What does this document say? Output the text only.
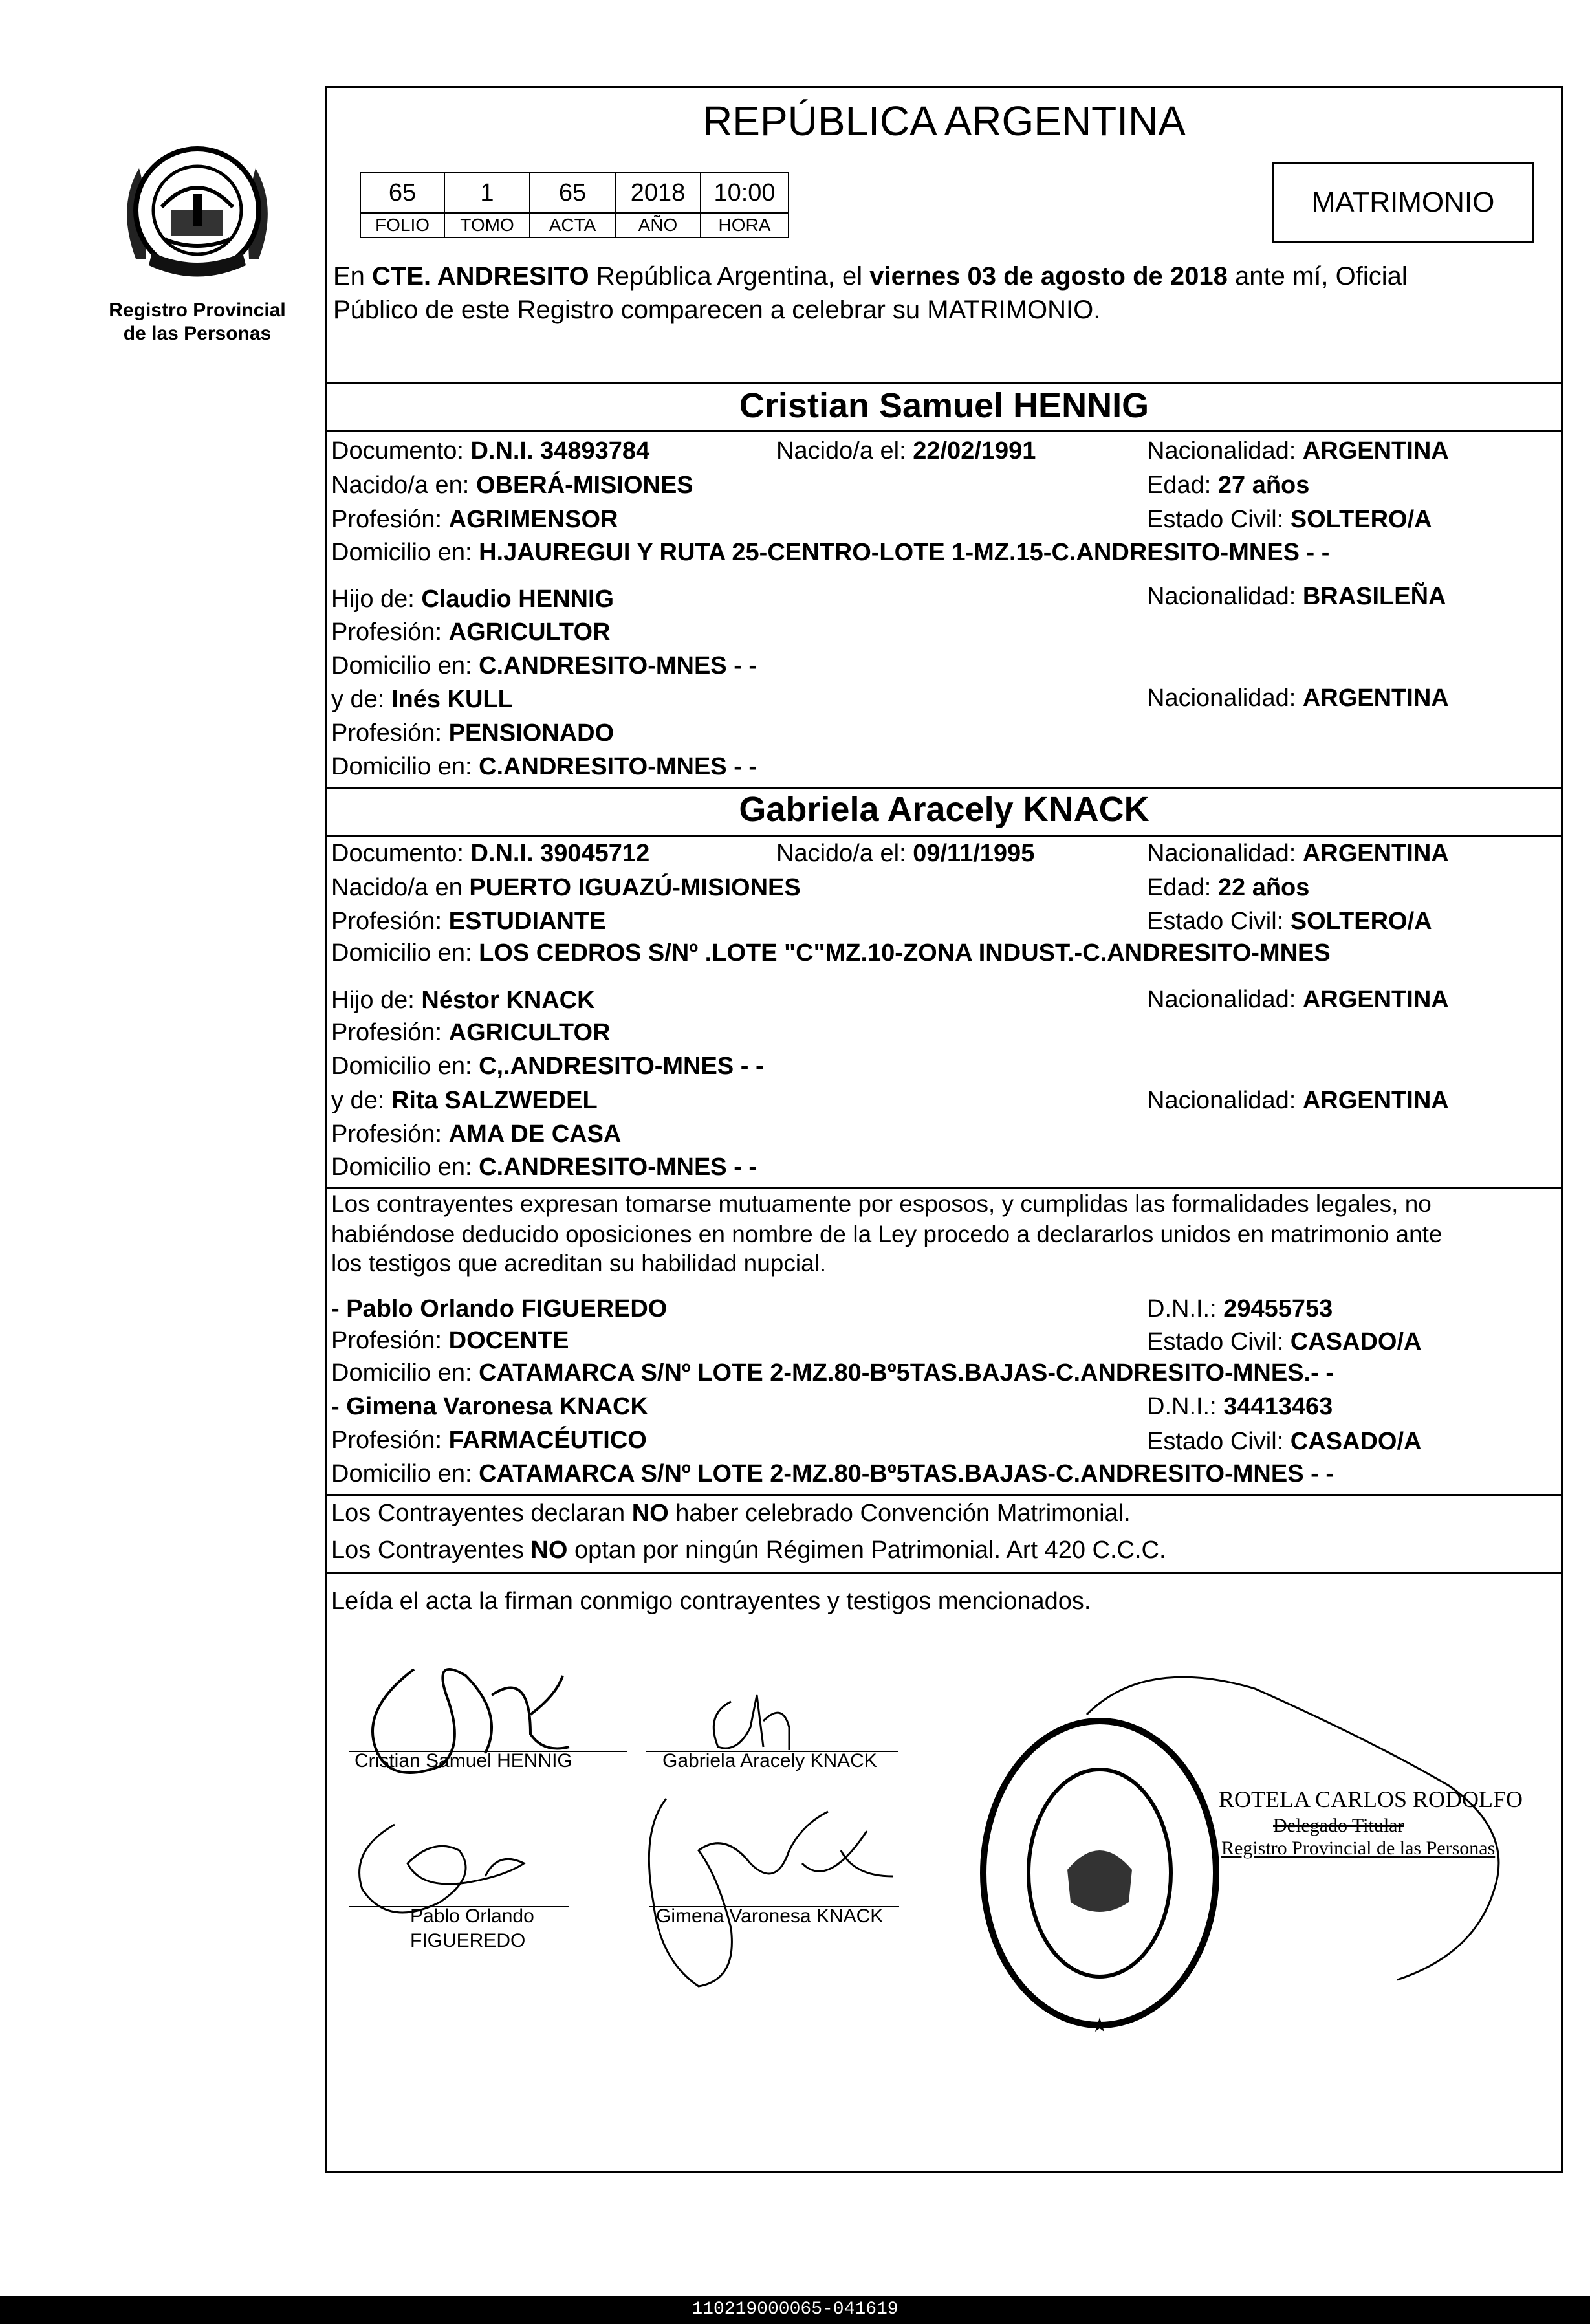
Registro Provincial
de las Personas
REPÚBLICA ARGENTINA
65	1	65	2018	10:00
FOLIO	TOMO	ACTA	AÑO	HORA
MATRIMONIO
En CTE. ANDRESITO República Argentina, el viernes 03 de agosto de 2018 ante mí, Oficial
Público de este Registro comparecen a celebrar su MATRIMONIO.
Cristian Samuel HENNIG
Documento: D.N.I. 34893784	Nacido/a el: 22/02/1991	Nacionalidad: ARGENTINA
Nacido/a en: OBERÁ-MISIONES	Edad: 27 años
Profesión: AGRIMENSOR	Estado Civil: SOLTERO/A
Domicilio en: H.JAUREGUI Y RUTA 25-CENTRO-LOTE 1-MZ.15-C.ANDRESITO-MNES - -
Hijo de: Claudio HENNIG	Nacionalidad: BRASILEÑA
Profesión: AGRICULTOR
Domicilio en: C.ANDRESITO-MNES - -
y de: Inés KULL	Nacionalidad: ARGENTINA
Profesión: PENSIONADO
Domicilio en: C.ANDRESITO-MNES - -
Gabriela Aracely KNACK
Documento: D.N.I. 39045712	Nacido/a el: 09/11/1995	Nacionalidad: ARGENTINA
Nacido/a en PUERTO IGUAZÚ-MISIONES	Edad: 22 años
Profesión: ESTUDIANTE	Estado Civil: SOLTERO/A
Domicilio en: LOS CEDROS S/Nº .LOTE "C"MZ.10-ZONA INDUST.-C.ANDRESITO-MNES
Hijo de: Néstor KNACK	Nacionalidad: ARGENTINA
Profesión: AGRICULTOR
Domicilio en: C,.ANDRESITO-MNES - -
y de: Rita SALZWEDEL	Nacionalidad: ARGENTINA
Profesión: AMA DE CASA
Domicilio en: C.ANDRESITO-MNES - -
Los contrayentes expresan tomarse mutuamente por esposos, y cumplidas las formalidades legales, no
habiéndose deducido oposiciones en nombre de la Ley procedo a declararlos unidos en matrimonio ante
los testigos que acreditan su habilidad nupcial.
- Pablo Orlando FIGUEREDO	D.N.I.: 29455753
Profesión: DOCENTE	Estado Civil: CASADO/A
Domicilio en: CATAMARCA S/Nº LOTE 2-MZ.80-Bº5TAS.BAJAS-C.ANDRESITO-MNES.- -
- Gimena Varonesa KNACK	D.N.I.: 34413463
Profesión: FARMACÉUTICO	Estado Civil: CASADO/A
Domicilio en: CATAMARCA S/Nº LOTE 2-MZ.80-Bº5TAS.BAJAS-C.ANDRESITO-MNES - -
Los Contrayentes declaran NO haber celebrado Convención Matrimonial.
Los Contrayentes NO optan por ningún Régimen Patrimonial. Art 420 C.C.C.
Leída el acta la firman conmigo contrayentes y testigos mencionados.
Cristian Samuel HENNIG	Gabriela Aracely KNACK
Pablo Orlando
FIGUEREDO
Gimena Varonesa KNACK
★
ROTELA CARLOS RODOLFO
Delegado Titular
Registro Provincial de las Personas
110219000065-041619
